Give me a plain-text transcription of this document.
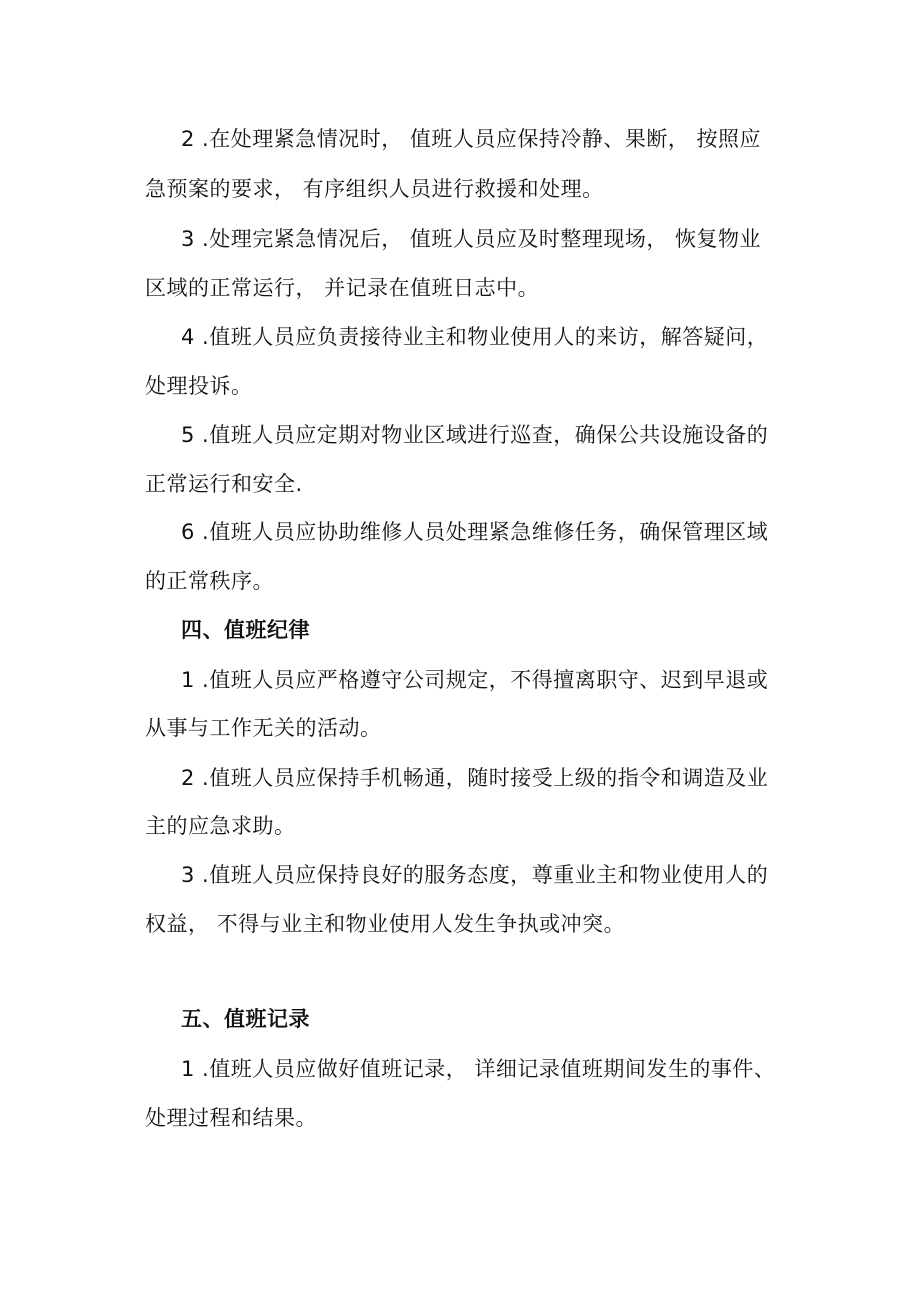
2 .在处理紧急情况时， 值班人员应保持冷静、果断， 按照应
急预案的要求， 有序组织人员进行救援和处理。
3 .处理完紧急情况后， 值班人员应及时整理现场， 恢复物业
区域的正常运行， 并记录在值班日志中。
4 .值班人员应负责接待业主和物业使用人的来访，解答疑问，
处理投诉。
5 .值班人员应定期对物业区域进行巡查，确保公共设施设备的
正常运行和安全.
6 .值班人员应协助维修人员处理紧急维修任务，确保管理区域
的正常秩序。
四、值班纪律
1 .值班人员应严格遵守公司规定，不得擅离职守、迟到早退或
从事与工作无关的活动。
2 .值班人员应保持手机畅通，随时接受上级的指令和调造及业
主的应急求助。
3 .值班人员应保持良好的服务态度，尊重业主和物业使用人的
权益， 不得与业主和物业使用人发生争执或冲突。
五、值班记录
1 .值班人员应做好值班记录， 详细记录值班期间发生的事件、
处理过程和结果。
